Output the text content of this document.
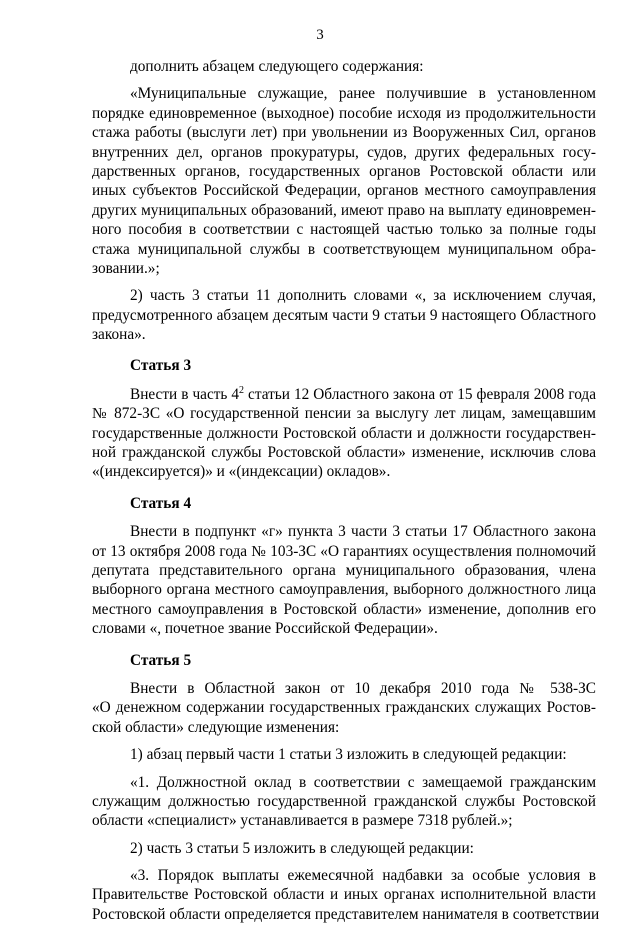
3
дополнить абзацем следующего содержания:
«Муниципальные служащие, ранее получившие в установленном
порядке единовременное (выходное) пособие исходя из продолжительности
стажа работы (выслуги лет) при увольнении из Вооруженных Сил, органов
внутренних дел, органов прокуратуры, судов, других федеральных госу-
дарственных органов, государственных органов Ростовской области или
иных субъектов Российской Федерации, органов местного самоуправления
других муниципальных образований, имеют право на выплату единовремен-
ного пособия в соответствии с настоящей частью только за полные годы
стажа муниципальной службы в соответствующем муниципальном обра-
зовании.»;
2) часть 3 статьи 11 дополнить словами «, за исключением случая,
предусмотренного абзацем десятым части 9 статьи 9 настоящего Областного
закона».
Статья 3
Внести в часть $4^2$ статьи 12 Областного закона от 15 февраля 2008 года
№ 872-ЗС «О государственной пенсии за выслугу лет лицам, замещавшим
государственные должности Ростовской области и должности государствен-
ной гражданской службы Ростовской области» изменение, исключив слова
«(индексируется)» и «(индексации) окладов».
Статья 4
Внести в подпункт «г» пункта 3 части 3 статьи 17 Областного закона
от 13 октября 2008 года № 103-ЗС «О гарантиях осуществления полномочий
депутата представительного органа муниципального образования, члена
выборного органа местного самоуправления, выборного должностного лица
местного самоуправления в Ростовской области» изменение, дополнив его
словами «, почетное звание Российской Федерации».
Статья 5
Внести в Областной закон от 10 декабря 2010 года № 538-ЗС
«О денежном содержании государственных гражданских служащих Ростов-
ской области» следующие изменения:
1) абзац первый части 1 статьи 3 изложить в следующей редакции:
«1. Должностной оклад в соответствии с замещаемой гражданским
служащим должностью государственной гражданской службы Ростовской
области «специалист» устанавливается в размере 7318 рублей.»;
2) часть 3 статьи 5 изложить в следующей редакции:
«3. Порядок выплаты ежемесячной надбавки за особые условия в
Правительстве Ростовской области и иных органах исполнительной власти
Ростовской области определяется представителем нанимателя в соответствии
